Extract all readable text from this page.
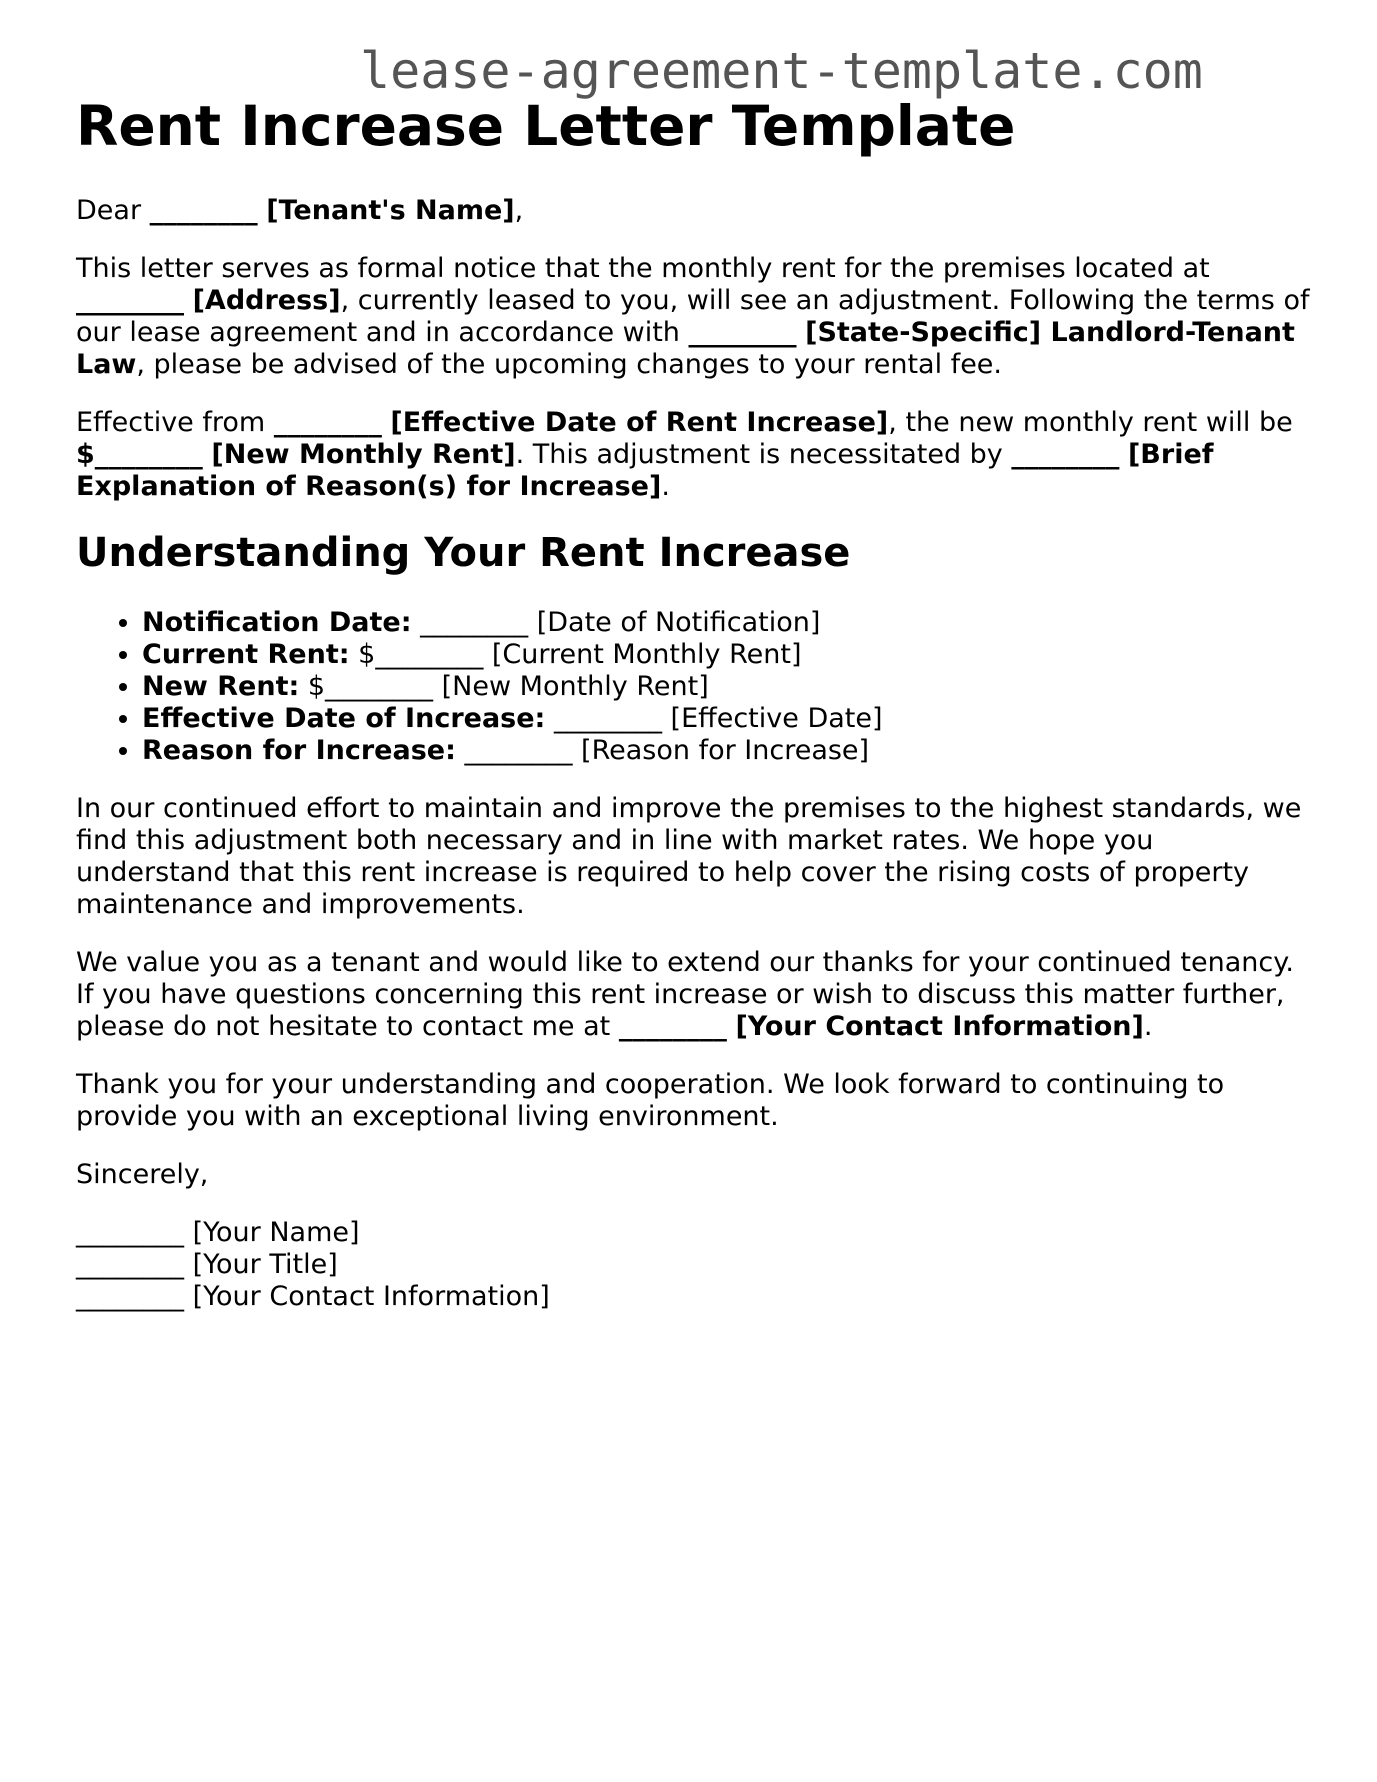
lease-agreement-template.com
Rent Increase Letter Template

Dear ________ [Tenant's Name],

This letter serves as formal notice that the monthly rent for the premises located at ________ [Address], currently leased to you, will see an adjustment. Following the terms of our lease agreement and in accordance with ________ [State-Specific] Landlord-Tenant Law, please be advised of the upcoming changes to your rental fee.

Effective from ________ [Effective Date of Rent Increase], the new monthly rent will be $________ [New Monthly Rent]. This adjustment is necessitated by ________ [Brief Explanation of Reason(s) for Increase].

Understanding Your Rent Increase
• Notification Date: ________ [Date of Notification]
• Current Rent: $________ [Current Monthly Rent]
• New Rent: $________ [New Monthly Rent]
• Effective Date of Increase: ________ [Effective Date]
• Reason for Increase: ________ [Reason for Increase]

In our continued effort to maintain and improve the premises to the highest standards, we find this adjustment both necessary and in line with market rates. We hope you understand that this rent increase is required to help cover the rising costs of property maintenance and improvements.

We value you as a tenant and would like to extend our thanks for your continued tenancy. If you have questions concerning this rent increase or wish to discuss this matter further, please do not hesitate to contact me at ________ [Your Contact Information].

Thank you for your understanding and cooperation. We look forward to continuing to provide you with an exceptional living environment.

Sincerely,

________ [Your Name]
________ [Your Title]
________ [Your Contact Information]
